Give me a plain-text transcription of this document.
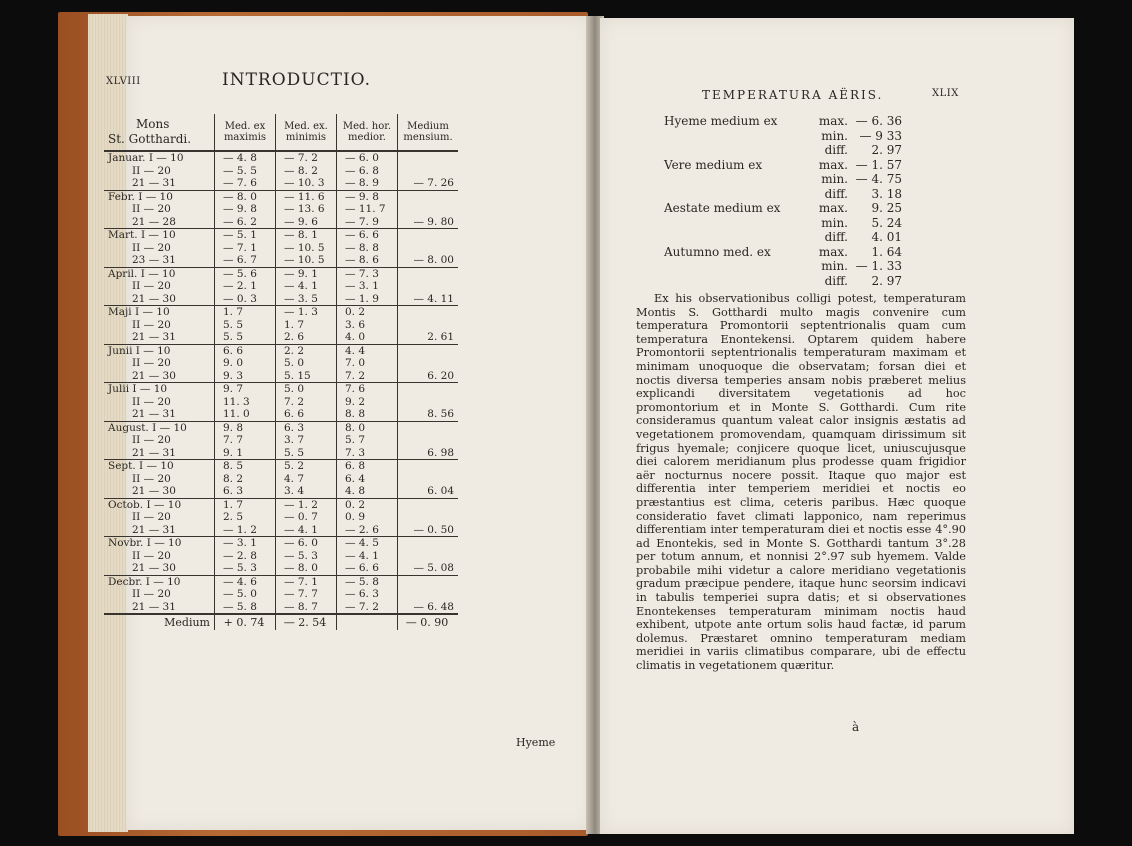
XLVIII	INTRODUCTIO.
Mons
St. Gotthardi.	Med. ex maximis	Med. ex. minimis	Med. hor. medior.	Medium mensium.
Januar. I — 10	— 4. 8	— 7. 2	— 6. 0	
II — 20	— 5. 5	— 8. 2	— 6. 8	
21 — 31	— 7. 6	— 10. 3	— 8. 9	— 7. 26
Febr. I — 10	— 8. 0	— 11. 6	— 9. 8	
II — 20	— 9. 8	— 13. 6	— 11. 7	
21 — 28	— 6. 2	— 9. 6	— 7. 9	— 9. 80
Mart. I — 10	— 5. 1	— 8. 1	— 6. 6	
II — 20	— 7. 1	— 10. 5	— 8. 8	
23 — 31	— 6. 7	— 10. 5	— 8. 6	— 8. 00
April. I — 10	— 5. 6	— 9. 1	— 7. 3	
II — 20	— 2. 1	— 4. 1	— 3. 1	
21 — 30	— 0. 3	— 3. 5	— 1. 9	— 4. 11
Maji I — 10	1. 7	— 1. 3	0. 2	
II — 20	5. 5	1. 7	3. 6	
21 — 31	5. 5	2. 6	4. 0	2. 61
Junii I — 10	6. 6	2. 2	4. 4	
II — 20	9. 0	5. 0	7. 0	
21 — 30	9. 3	5. 15	7. 2	6. 20
Julii I — 10	9. 7	5. 0	7. 6	
II — 20	11. 3	7. 2	9. 2	
21 — 31	11. 0	6. 6	8. 8	8. 56
August. I — 10	9. 8	6. 3	8. 0	
II — 20	7. 7	3. 7	5. 7	
21 — 31	9. 1	5. 5	7. 3	6. 98
Sept. I — 10	8. 5	5. 2	6. 8	
II — 20	8. 2	4. 7	6. 4	
21 — 30	6. 3	3. 4	4. 8	6. 04
Octob. I — 10	1. 7	— 1. 2	0. 2	
II — 20	2. 5	— 0. 7	0. 9	
21 — 31	— 1. 2	— 4. 1	— 2. 6	— 0. 50
Novbr. I — 10	— 3. 1	— 6. 0	— 4. 5	
II — 20	— 2. 8	— 5. 3	— 4. 1	
21 — 30	— 5. 3	— 8. 0	— 6. 6	— 5. 08
Decbr. I — 10	— 4. 6	— 7. 1	— 5. 8	
II — 20	— 5. 0	— 7. 7	— 6. 3	
21 — 31	— 5. 8	— 8. 7	— 7. 2	— 6. 48
Medium	+ 0. 74	— 2. 54		— 0. 90
Hyeme
TEMPERATURA AËRIS.	XLIX
Hyeme medium ex	max. — 6. 36
min. — 9 33
diff.	2. 97
Vere medium ex	max. — 1. 57
min. — 4. 75
diff.	3. 18
Aestate medium ex	max.	9. 25
min.	5. 24
diff.	4. 01
Autumno med. ex	max.	1. 64
min. — 1. 33
diff.	2. 97

Ex his observationibus colligi potest, temperaturam Montis S. Gotthardi multo magis convenire cum temperatura Promontorii septentrionalis quam cum temperatura Enontekensi. Optarem quidem habere Promontorii septentrionalis temperaturam maximam et minimam unoquoque die observatam; forsan diei et noctis diversa temperies ansam nobis præberet melius explicandi diversitatem vegetationis ad hoc promontorium et in Monte S. Gotthardi. Cum rite consideramus quantum valeat calor insignis æstatis ad vegetationem promovendam, quamquam dirissimum sit frigus hyemale; conjicere quoque licet, uniuscujusque diei calorem meridianum plus prodesse quam frigidior aër nocturnus nocere possit. Itaque quo major est differentia inter temperiem meridiei et noctis eo præstantius est clima, ceteris paribus. Hæc quoque consideratio favet climati lapponico, nam reperimus differentiam inter temperaturam diei et noctis esse 4°.90 ad Enontekis, sed in Monte S. Gotthardi tantum 3°.28 per totum annum, et nonnisi 2°.97 sub hyemem. Valde probabile mihi videtur a calore meridiano vegetationis gradum præcipue pendere, itaque hunc seorsim indicavi in tabulis temperiei supra datis; et si observationes Enontekenses temperaturam minimam noctis haud exhibent, utpote ante ortum solis haud factæ, id parum dolemus. Præstaret omnino temperaturam mediam meridiei in variis climatibus comparare, ubi de effectu climatis in vegetationem quæritur.

à
